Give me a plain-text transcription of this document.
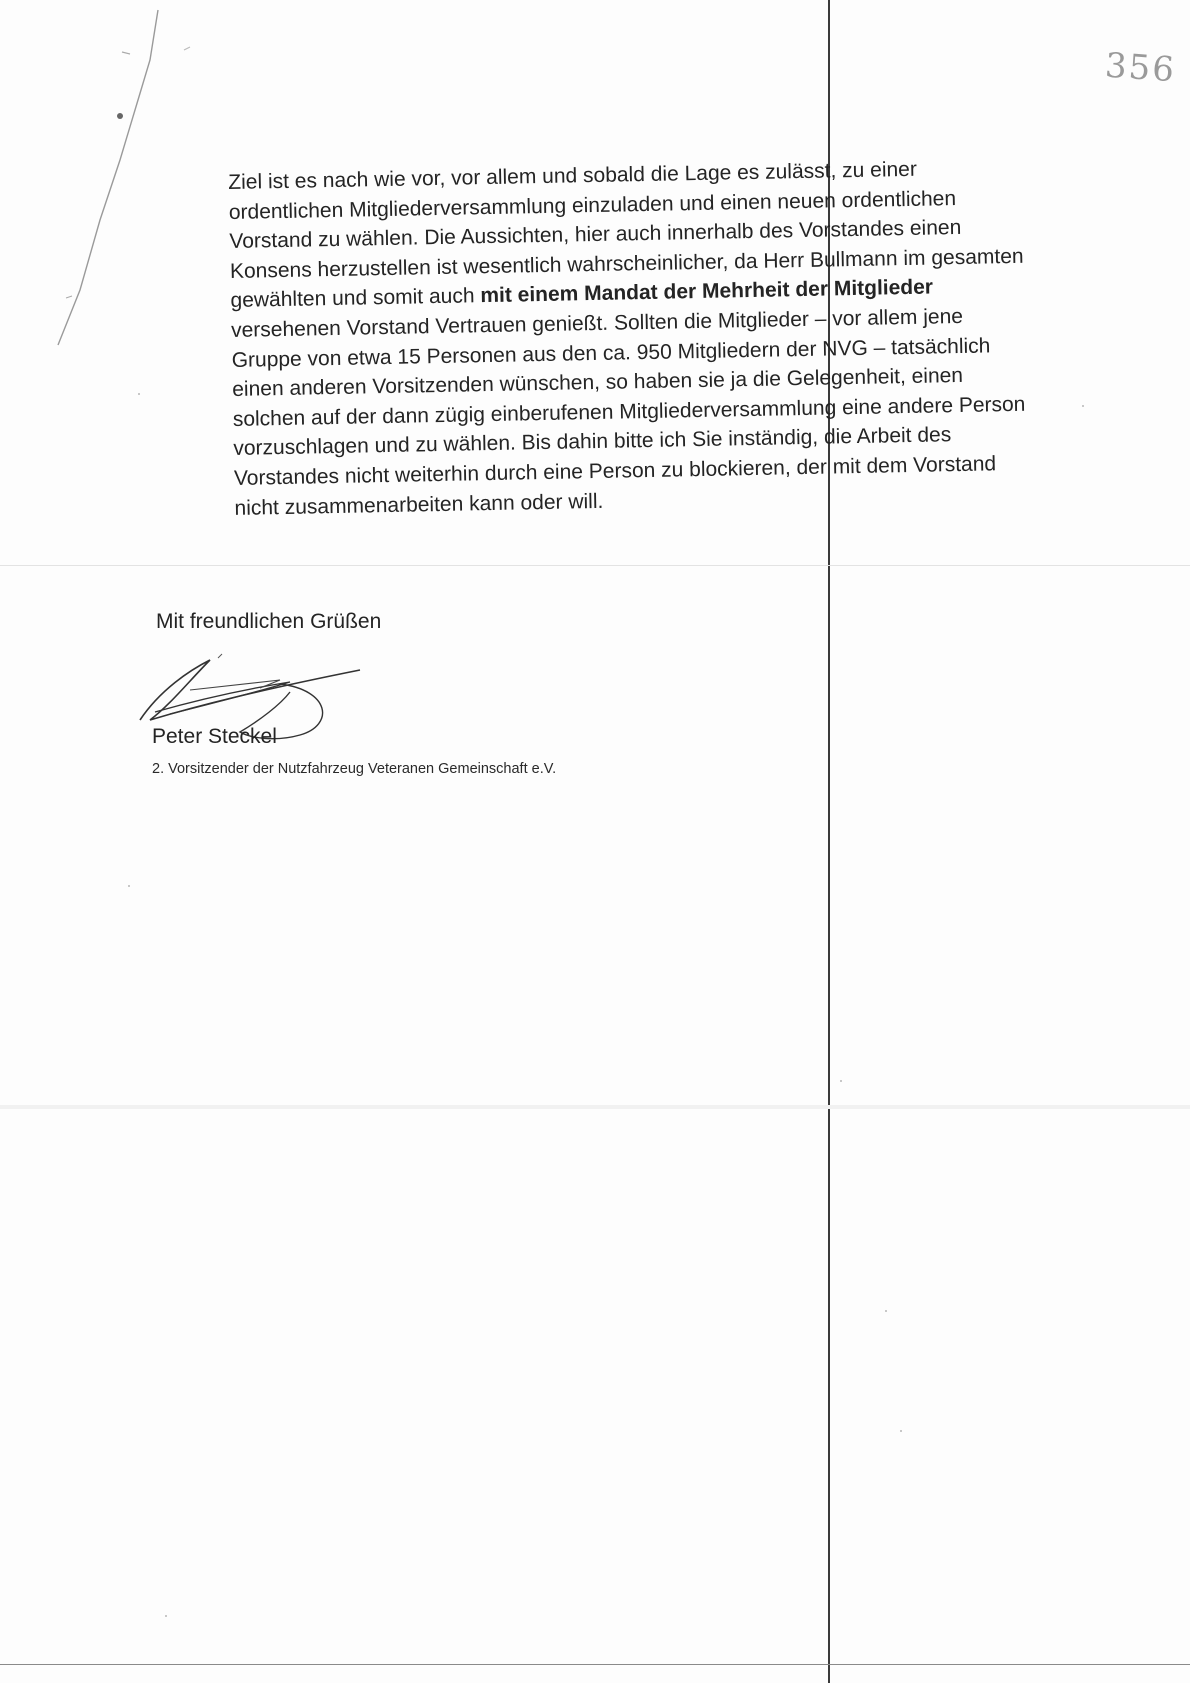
356
Ziel ist es nach wie vor, vor allem und sobald die Lage es zulässt, zu einer
ordentlichen Mitgliederversammlung einzuladen und einen neuen ordentlichen
Vorstand zu wählen. Die Aussichten, hier auch innerhalb des Vorstandes einen
Konsens herzustellen ist wesentlich wahrscheinlicher, da Herr Bullmann im gesamten
gewählten und somit auch mit einem Mandat der Mehrheit der Mitglieder
versehenen Vorstand Vertrauen genießt. Sollten die Mitglieder – vor allem jene
Gruppe von etwa 15 Personen aus den ca. 950 Mitgliedern der NVG – tatsächlich
einen anderen Vorsitzenden wünschen, so haben sie ja die Gelegenheit, einen
solchen auf der dann zügig einberufenen Mitgliederversammlung eine andere Person
vorzuschlagen und zu wählen. Bis dahin bitte ich Sie inständig, die Arbeit des
Vorstandes nicht weiterhin durch eine Person zu blockieren, der mit dem Vorstand
nicht zusammenarbeiten kann oder will.
Mit freundlichen Grüßen
Peter Steckel
2. Vorsitzender der Nutzfahrzeug Veteranen Gemeinschaft e.V.
